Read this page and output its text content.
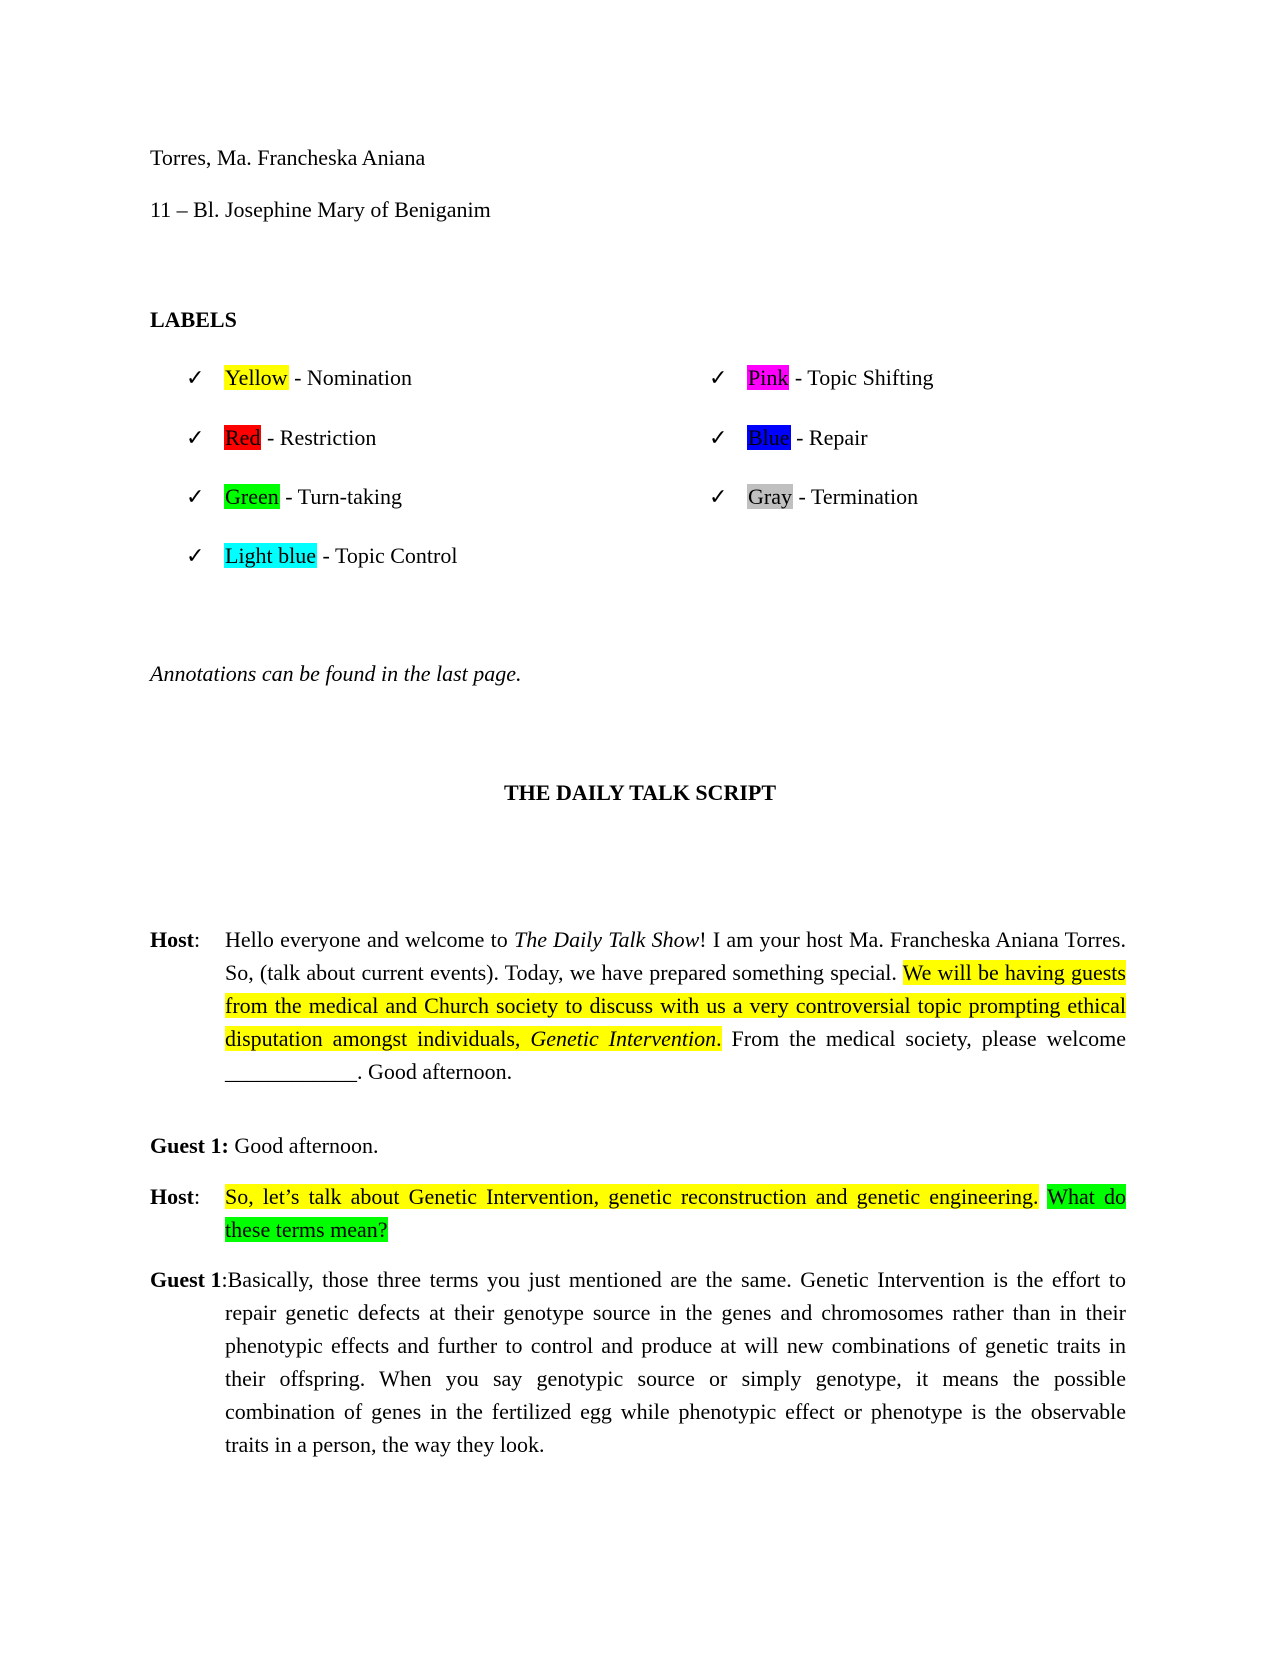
Torres, Ma. Francheska Aniana
11 – Bl. Josephine Mary of Beniganim
LABELS
✓ Yellow - Nomination
✓ Red - Restriction
✓ Green - Turn-taking
✓ Light blue - Topic Control
✓ Pink - Topic Shifting
✓ Blue - Repair
✓ Gray - Termination
Annotations can be found in the last page.
THE DAILY TALK SCRIPT
Host: Hello everyone and welcome to The Daily Talk Show! I am your host Ma. Francheska Aniana Torres. So, (talk about current events). Today, we have prepared something special. We will be having guests from the medical and Church society to discuss with us a very controversial topic prompting ethical disputation amongst individuals, Genetic Intervention. From the medical society, please welcome ____________. Good afternoon.
Guest 1: Good afternoon.
Host: So, let’s talk about Genetic Intervention, genetic reconstruction and genetic engineering. What do these terms mean?
Guest 1: Basically, those three terms you just mentioned are the same. Genetic Intervention is the effort to repair genetic defects at their genotype source in the genes and chromosomes rather than in their phenotypic effects and further to control and produce at will new combinations of genetic traits in their offspring. When you say genotypic source or simply genotype, it means the possible combination of genes in the fertilized egg while phenotypic effect or phenotype is the observable traits in a person, the way they look.
